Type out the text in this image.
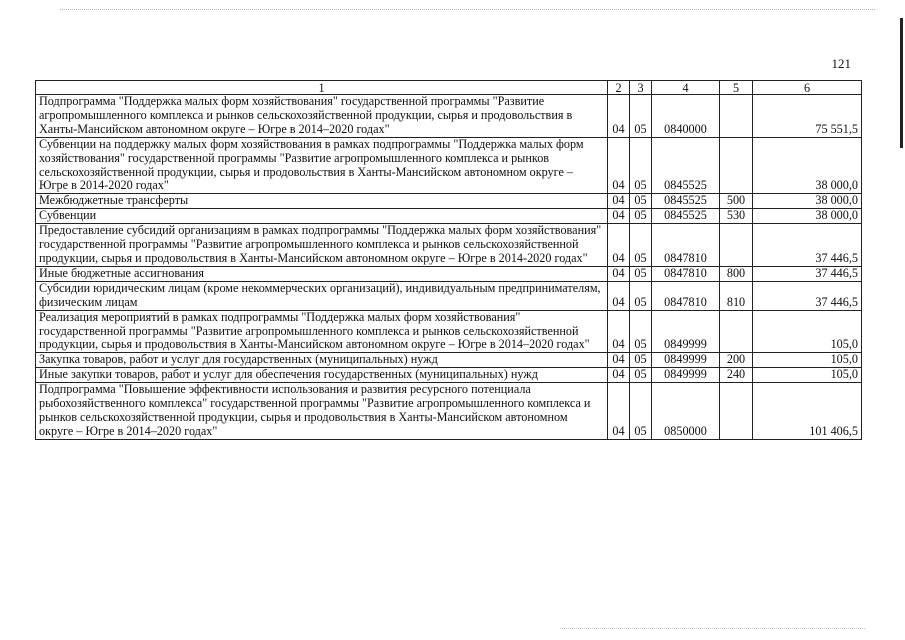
121
1	2	3	4	5	6
Подпрограмма "Поддержка малых форм хозяйствования" государственной программы "Развитие агропромышленного комплекса и рынков сельскохозяйственной продукции, сырья и продовольствия в Ханты-Мансийском автономном округе – Югре в 2014–2020 годах"	04	05	0840000		75 551,5
Субвенции на поддержку малых форм хозяйствования в рамках подпрограммы "Поддержка малых форм хозяйствования" государственной программы "Развитие агропромышленного комплекса и рынков сельскохозяйственной продукции, сырья и продовольствия в Ханты-Мансийском автономном округе – Югре в 2014-2020 годах"	04	05	0845525		38 000,0
Межбюджетные трансферты	04	05	0845525	500	38 000,0
Субвенции	04	05	0845525	530	38 000,0
Предоставление субсидий организациям в рамках подпрограммы "Поддержка малых форм хозяйствования" государственной программы "Развитие агропромышленного комплекса и рынков сельскохозяйственной продукции, сырья и продовольствия в Ханты-Мансийском автономном округе – Югре в 2014-2020 годах"	04	05	0847810		37 446,5
Иные бюджетные ассигнования	04	05	0847810	800	37 446,5
Субсидии юридическим лицам (кроме некоммерческих организаций), индивидуальным предпринимателям, физическим лицам	04	05	0847810	810	37 446,5
Реализация мероприятий в рамках подпрограммы "Поддержка малых форм хозяйствования" государственной программы "Развитие агропромышленного комплекса и рынков сельскохозяйственной продукции, сырья и продовольствия в Ханты-Мансийском автономном округе – Югре в 2014–2020 годах"	04	05	0849999		105,0
Закупка товаров, работ и услуг для государственных (муниципальных) нужд	04	05	0849999	200	105,0
Иные закупки товаров, работ и услуг для обеспечения государственных (муниципальных) нужд	04	05	0849999	240	105,0
Подпрограмма "Повышение эффективности использования и развития ресурсного потенциала рыбохозяйственного комплекса" государственной программы "Развитие агропромышленного комплекса и рынков сельскохозяйственной продукции, сырья и продовольствия в Ханты-Мансийском автономном округе – Югре в 2014–2020 годах"	04	05	0850000		101 406,5
